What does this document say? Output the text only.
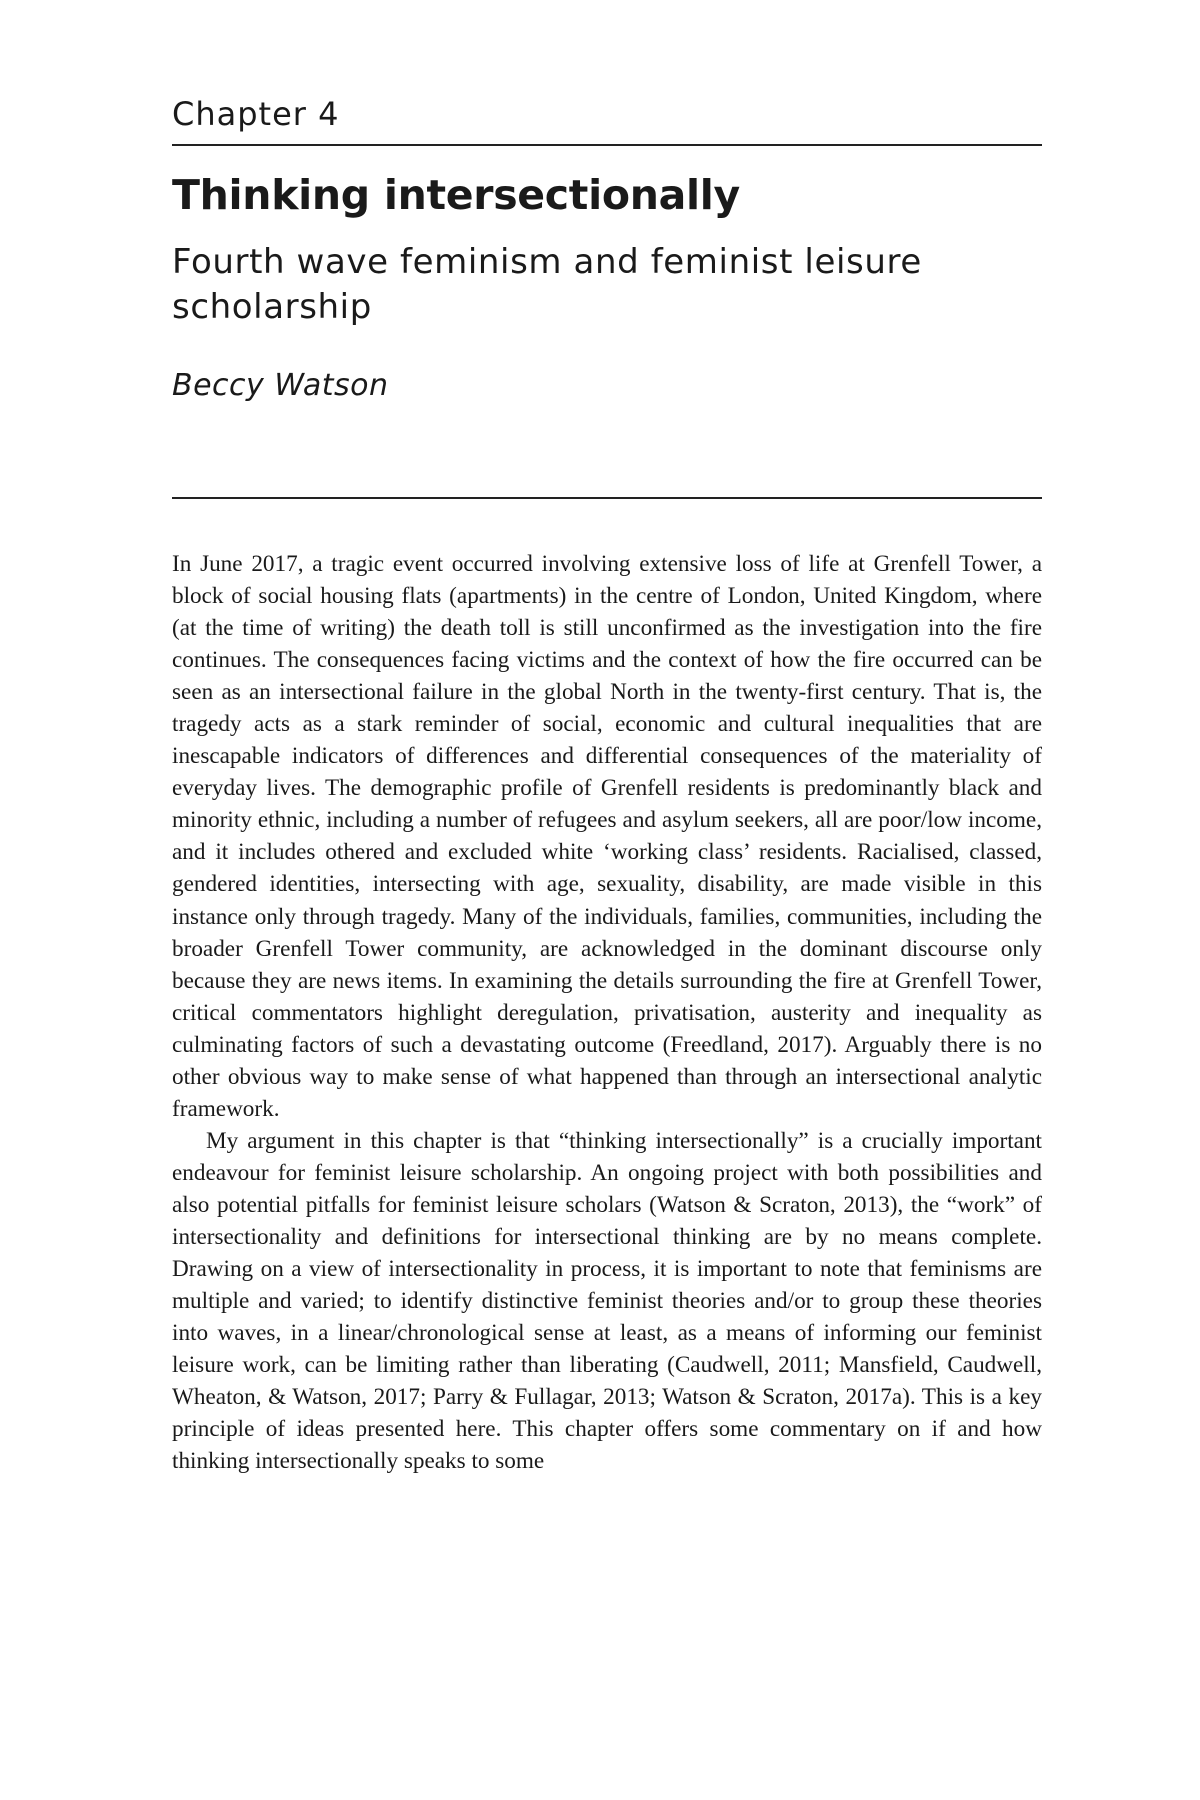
Chapter 4
Thinking intersectionally
Fourth wave feminism and feminist leisure scholarship
Beccy Watson

In June 2017, a tragic event occurred involving extensive loss of life at Grenfell Tower, a block of social housing flats (apartments) in the centre of London, United Kingdom, where (at the time of writing) the death toll is still unconfirmed as the investigation into the fire continues. The consequences facing victims and the context of how the fire occurred can be seen as an intersectional failure in the global North in the twenty-first century. That is, the tragedy acts as a stark reminder of social, economic and cultural inequalities that are inescapable indicators of differences and differential consequences of the materiality of everyday lives. The demographic profile of Grenfell residents is predominantly black and minority ethnic, including a number of refugees and asylum seekers, all are poor/low income, and it includes othered and excluded white ‘working class’ residents. Racialised, classed, gendered identities, intersecting with age, sexuality, disability, are made visible in this instance only through tragedy. Many of the individuals, families, communities, including the broader Grenfell Tower community, are acknowledged in the dominant discourse only because they are news items. In examining the details surrounding the fire at Grenfell Tower, critical commentators highlight deregulation, privatisation, austerity and inequality as culminating factors of such a devastating outcome (Freedland, 2017). Arguably there is no other obvious way to make sense of what happened than through an intersectional analytic framework.

My argument in this chapter is that “thinking intersectionally” is a crucially important endeavour for feminist leisure scholarship. An ongoing project with both possibilities and also potential pitfalls for feminist leisure scholars (Watson & Scraton, 2013), the “work” of intersectionality and definitions for intersectional thinking are by no means complete. Drawing on a view of intersectionality in process, it is important to note that feminisms are multiple and varied; to identify distinctive feminist theories and/or to group these theories into waves, in a linear/chronological sense at least, as a means of informing our feminist leisure work, can be limiting rather than liberating (Caudwell, 2011; Mansfield, Caudwell, Wheaton, & Watson, 2017; Parry & Fullagar, 2013; Watson & Scraton, 2017a). This is a key principle of ideas presented here. This chapter offers some commentary on if and how thinking intersectionally speaks to some
